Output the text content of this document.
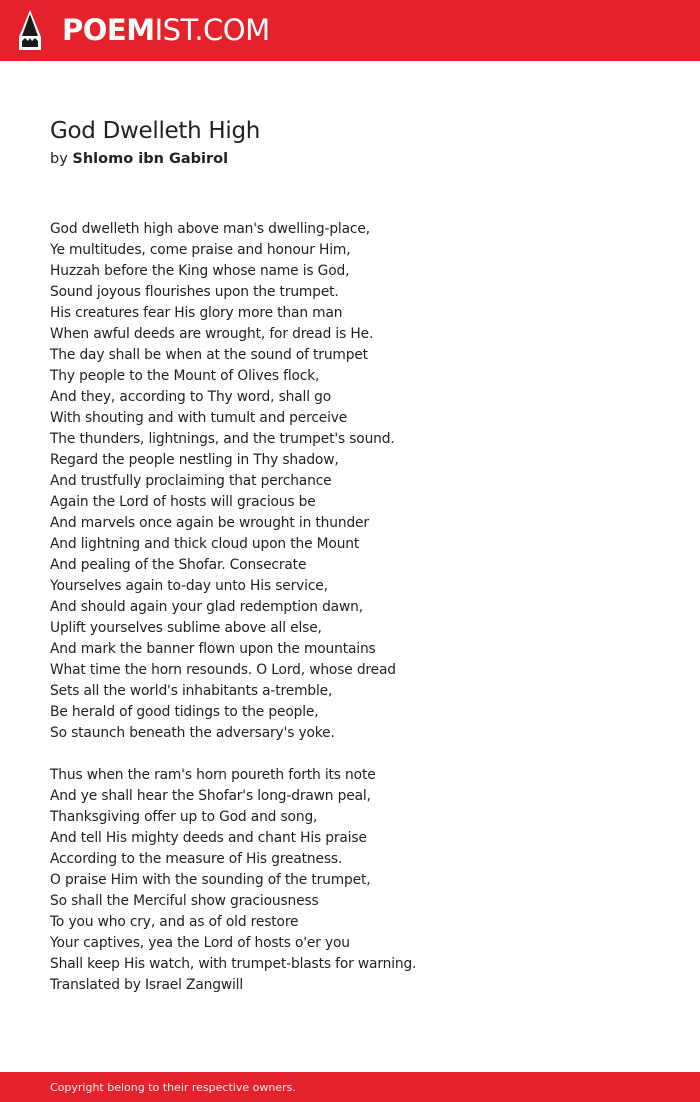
POEMIST.COM
God Dwelleth High
by Shlomo ibn Gabirol
God dwelleth high above man's dwelling-place,
Ye multitudes, come praise and honour Him,
Huzzah before the King whose name is God,
Sound joyous flourishes upon the trumpet.
His creatures fear His glory more than man
When awful deeds are wrought, for dread is He.
The day shall be when at the sound of trumpet
Thy people to the Mount of Olives flock,
And they, according to Thy word, shall go
With shouting and with tumult and perceive
The thunders, lightnings, and the trumpet's sound.
Regard the people nestling in Thy shadow,
And trustfully proclaiming that perchance
Again the Lord of hosts will gracious be
And marvels once again be wrought in thunder
And lightning and thick cloud upon the Mount
And pealing of the Shofar. Consecrate
Yourselves again to-day unto His service,
And should again your glad redemption dawn,
Uplift yourselves sublime above all else,
And mark the banner flown upon the mountains
What time the horn resounds. O Lord, whose dread
Sets all the world's inhabitants a-tremble,
Be herald of good tidings to the people,
So staunch beneath the adversary's yoke.
Thus when the ram's horn poureth forth its note
And ye shall hear the Shofar's long-drawn peal,
Thanksgiving offer up to God and song,
And tell His mighty deeds and chant His praise
According to the measure of His greatness.
O praise Him with the sounding of the trumpet,
So shall the Merciful show graciousness
To you who cry, and as of old restore
Your captives, yea the Lord of hosts o'er you
Shall keep His watch, with trumpet-blasts for warning.
Translated by Israel Zangwill
Copyright belong to their respective owners.
